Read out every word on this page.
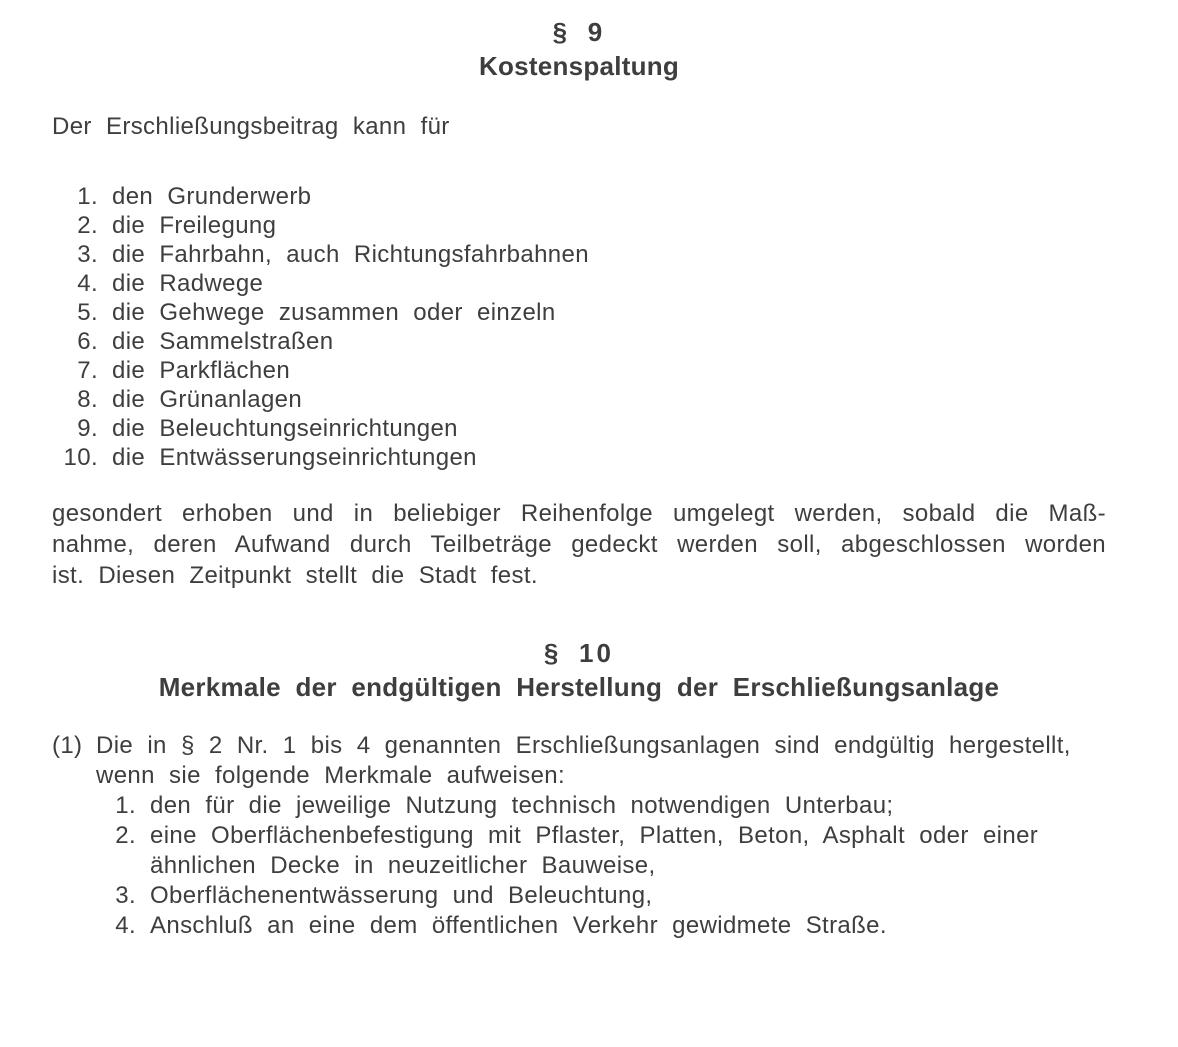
§ 9
Kostenspaltung

Der Erschließungsbeitrag kann für

1. den Grunderwerb
2. die Freilegung
3. die Fahrbahn, auch Richtungsfahrbahnen
4. die Radwege
5. die Gehwege zusammen oder einzeln
6. die Sammelstraßen
7. die Parkflächen
8. die Grünanlagen
9. die Beleuchtungseinrichtungen
10. die Entwässerungseinrichtungen
gesondert erhoben und in beliebiger Reihenfolge umgelegt werden, sobald die Maß-
nahme, deren Aufwand durch Teilbeträge gedeckt werden soll, abgeschlossen worden
ist. Diesen Zeitpunkt stellt die Stadt fest.
§ 10
Merkmale der endgültigen Herstellung der Erschließungsanlage
(1) Die in § 2 Nr. 1 bis 4 genannten Erschließungsanlagen sind endgültig hergestellt,
wenn sie folgende Merkmale aufweisen:
1. den für die jeweilige Nutzung technisch notwendigen Unterbau;
2. eine Oberflächenbefestigung mit Pflaster, Platten, Beton, Asphalt oder einer
ähnlichen Decke in neuzeitlicher Bauweise,
3. Oberflächenentwässerung und Beleuchtung,
4. Anschluß an eine dem öffentlichen Verkehr gewidmete Straße.
